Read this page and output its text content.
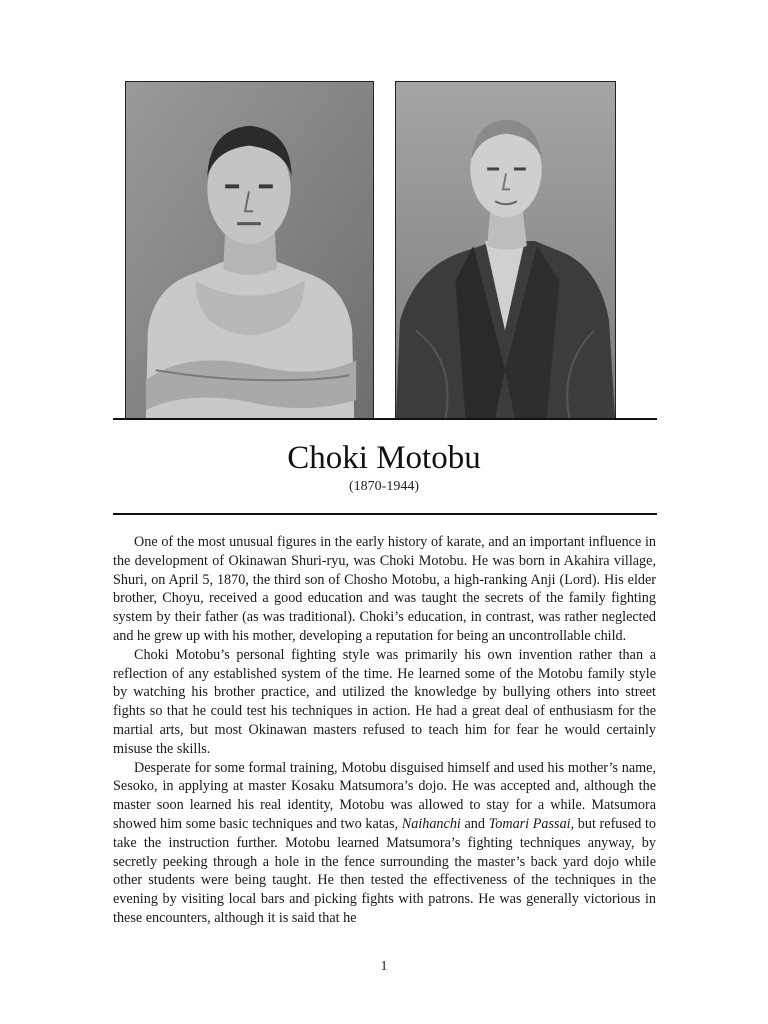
Choki Motobu
(1870-1944)

One of the most unusual figures in the early history of karate, and an important influence in the development of Okinawan Shuri-ryu, was Choki Motobu. He was born in Akahira village, Shuri, on April 5, 1870, the third son of Chosho Motobu, a high-ranking Anji (Lord). His elder brother, Choyu, received a good education and was taught the secrets of the family fighting system by their father (as was traditional). Choki’s education, in contrast, was rather neglected and he grew up with his mother, developing a reputation for being an uncontrollable child.

Choki Motobu’s personal fighting style was primarily his own invention rather than a reflection of any established system of the time. He learned some of the Motobu family style by watching his brother practice, and utilized the knowledge by bullying others into street fights so that he could test his techniques in action. He had a great deal of enthusiasm for the martial arts, but most Okinawan masters refused to teach him for fear he would certainly misuse the skills.

Desperate for some formal training, Motobu disguised himself and used his mother’s name, Sesoko, in applying at master Kosaku Matsumora’s dojo. He was accepted and, although the master soon learned his real identity, Motobu was allowed to stay for a while. Matsumora showed him some basic techniques and two katas, Naihanchi and Tomari Passai, but refused to take the instruction further. Motobu learned Matsumora’s fighting techniques anyway, by secretly peeking through a hole in the fence surrounding the master’s back yard dojo while other students were being taught. He then tested the effectiveness of the techniques in the evening by visiting local bars and picking fights with patrons. He was generally victorious in these encounters, although it is said that he

1
